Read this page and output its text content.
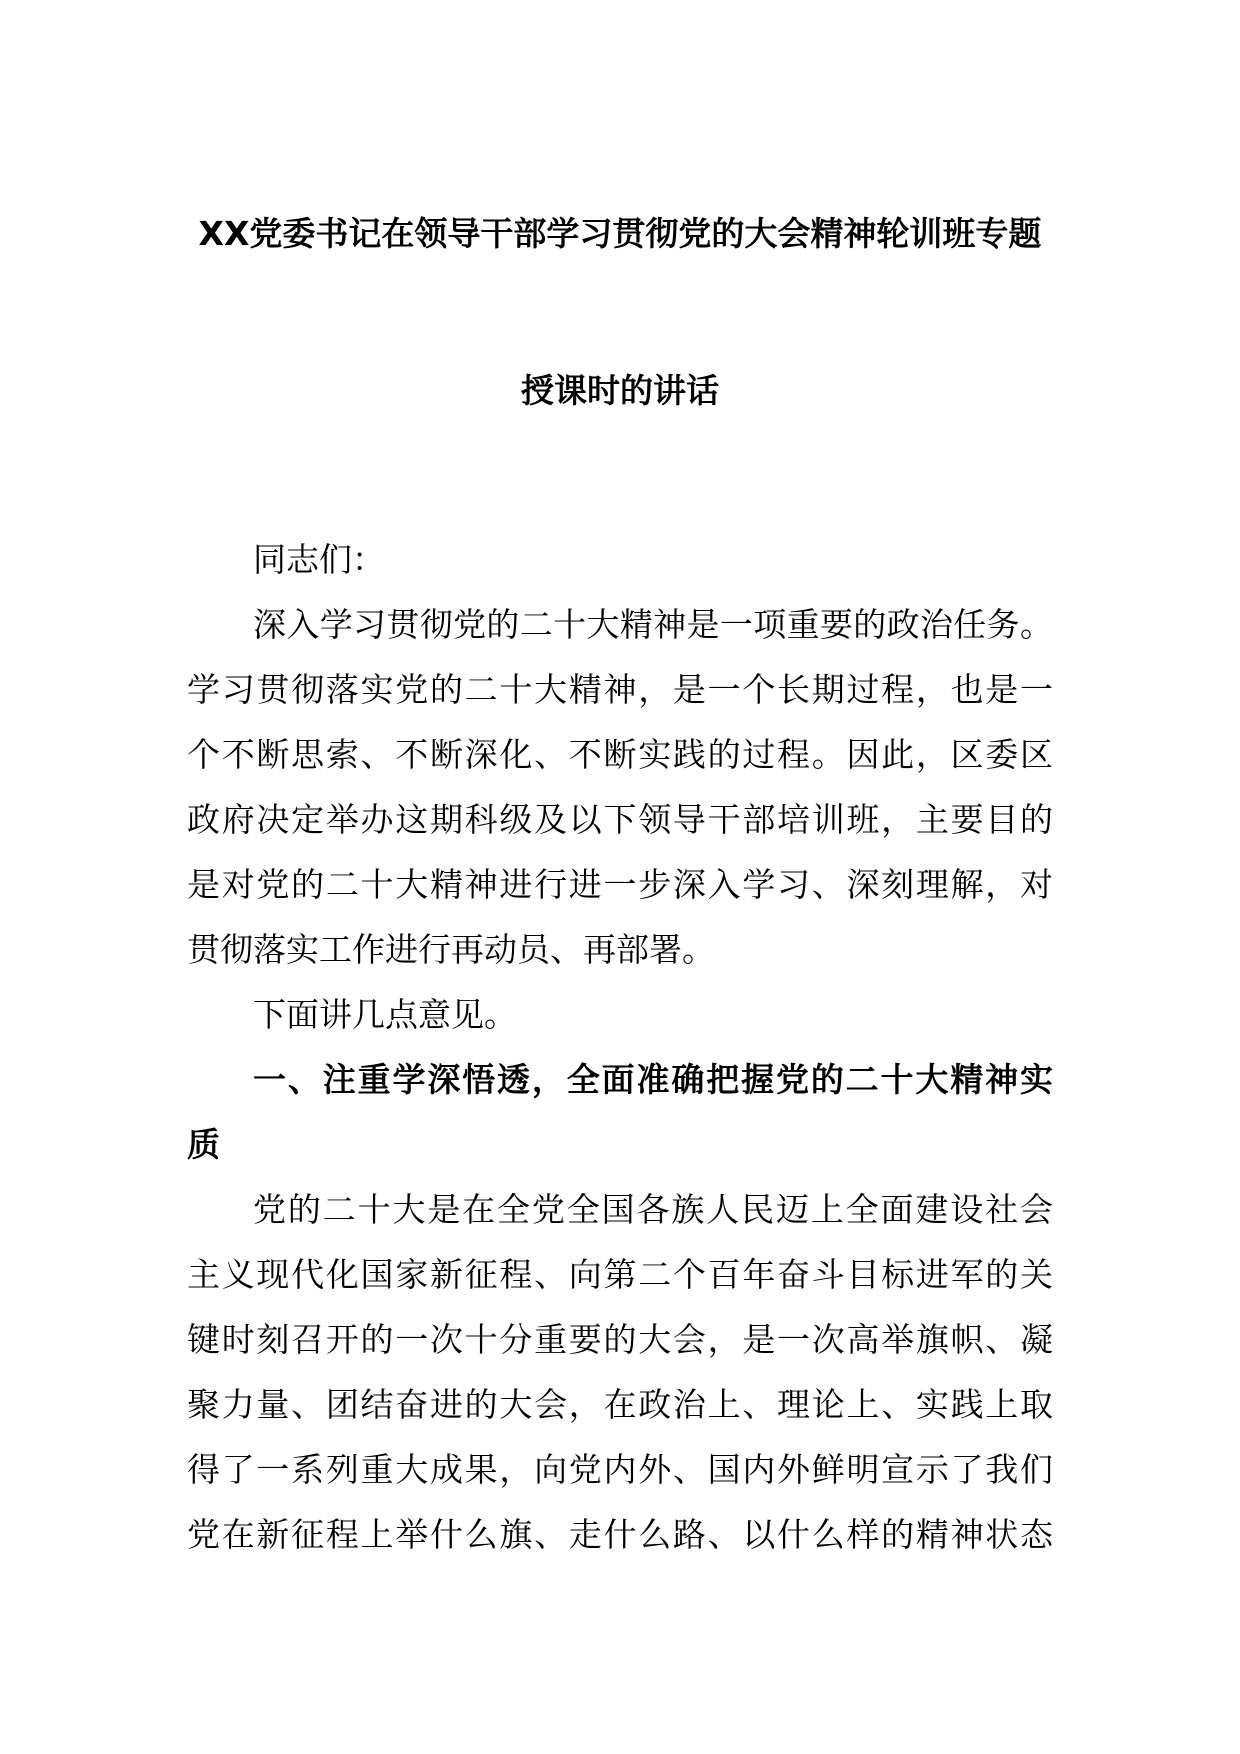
XX党委书记在领导干部学习贯彻党的大会精神轮训班专题
授课时的讲话
同志们：
深入学习贯彻党的二十大精神是一项重要的政治任务。
学习贯彻落实党的二十大精神，是一个长期过程，也是一
个不断思索、不断深化、不断实践的过程。因此，区委区
政府决定举办这期科级及以下领导干部培训班，主要目的
是对党的二十大精神进行进一步深入学习、深刻理解，对
贯彻落实工作进行再动员、再部署。
下面讲几点意见。
一、注重学深悟透，全面准确把握党的二十大精神实
质
党的二十大是在全党全国各族人民迈上全面建设社会
主义现代化国家新征程、向第二个百年奋斗目标进军的关
键时刻召开的一次十分重要的大会，是一次高举旗帜、凝
聚力量、团结奋进的大会，在政治上、理论上、实践上取
得了一系列重大成果，向党内外、国内外鲜明宣示了我们
党在新征程上举什么旗、走什么路、以什么样的精神状态
